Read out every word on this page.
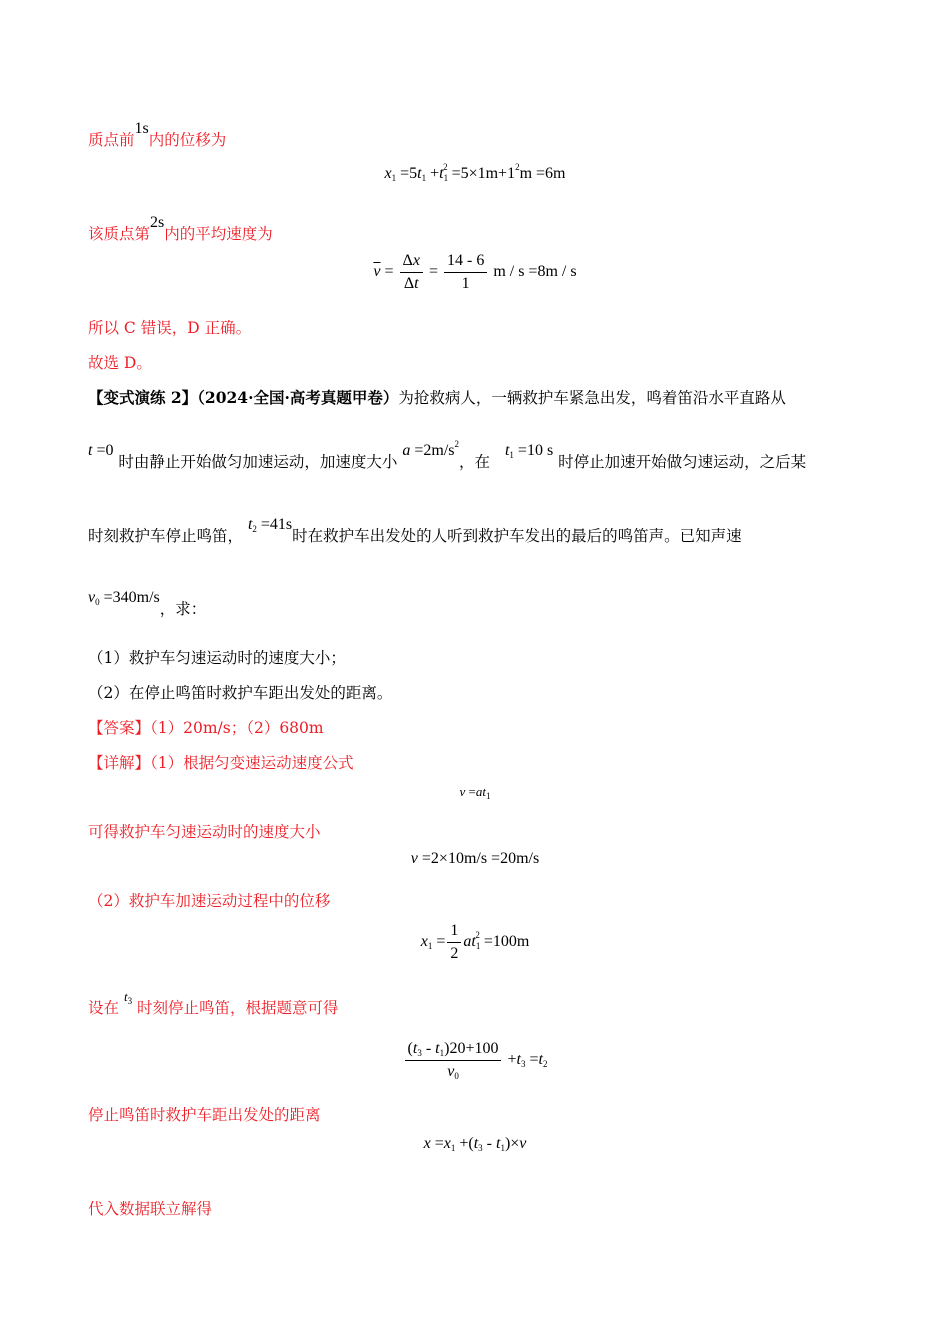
质点前1s内的位移为
$x_1 =5t_1 +t_1^2 =5\times 1m+1^2m =6m$
该质点第2s内的平均速度为
$\overline{v} = \frac{\Delta x}{\Delta t} = \frac{14 - 6}{1}$ m / s =8m / s
所以 C 错误，D 正确。
故选 D。
【变式演练 2】（2024·全国·高考真题甲卷）为抢救病人，一辆救护车紧急出发，鸣着笛沿水平直路从
t =0 时由静止开始做匀加速运动，加速度大小 $a =2m/s^2$，在 $t_1 =10$ s 时停止加速开始做匀速运动，之后某
时刻救护车停止鸣笛， $t_2 =41s$时在救护车出发处的人听到救护车发出的最后的鸣笛声。已知声速
$v_0 =340m/s$，求：
（1）救护车匀速运动时的速度大小；
（2）在停止鸣笛时救护车距出发处的距离。
【答案】（1）20m/s；（2）680m
【详解】（1）根据匀变速运动速度公式
$v =at_1$
可得救护车匀速运动时的速度大小
v =2×10m/s =20m/s
（2）救护车加速运动过程中的位移
$x_1 = \frac{1}{2} at_1^2 =100m$
设在 $t_3$ 时刻停止鸣笛，根据题意可得
$\frac{(t_3 - t_1)20+100}{v_0} +t_3 =t_2$
停止鸣笛时救护车距出发处的距离
$x =x_1 +(t_3 - t_1)\times v$
代入数据联立解得
